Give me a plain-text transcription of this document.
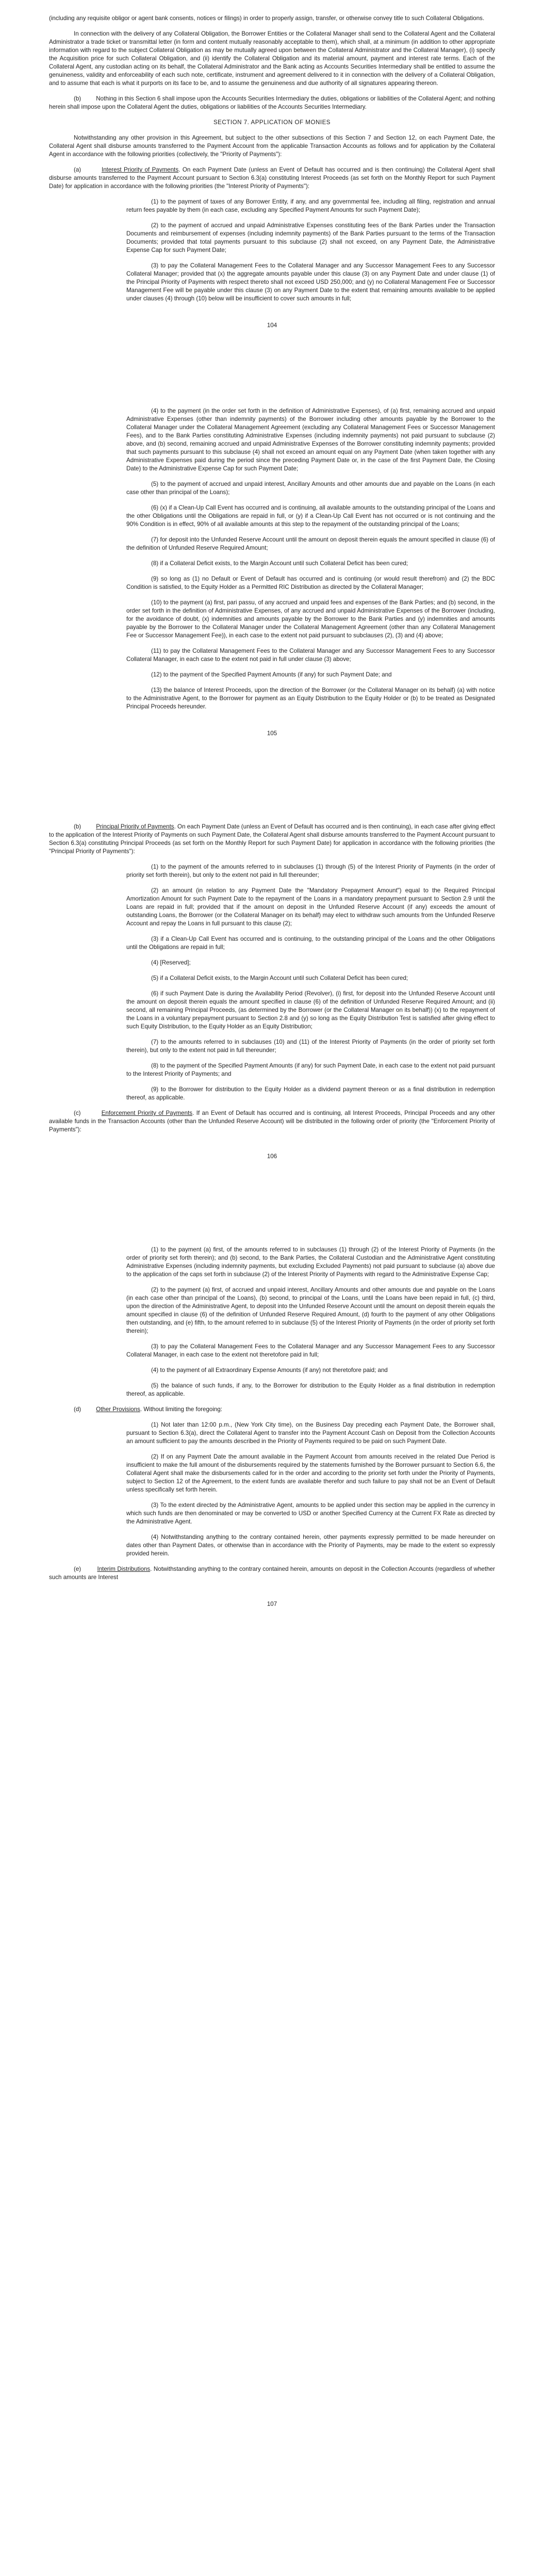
(including any requisite obligor or agent bank consents, notices or filings) in order to properly assign, transfer, or otherwise convey title to such Collateral Obligations.

In connection with the delivery of any Collateral Obligation, the Borrower Entities or the Collateral Manager shall send to the Collateral Agent and the Collateral Administrator a trade ticket or transmittal letter (in form and content mutually reasonably acceptable to them), which shall, at a minimum (in addition to other appropriate information with regard to the subject Collateral Obligation as may be mutually agreed upon between the Collateral Administrator and the Collateral Manager), (i) specify the Acquisition price for such Collateral Obligation, and (ii) identify the Collateral Obligation and its material amount, payment and interest rate terms. Each of the Collateral Agent, any custodian acting on its behalf, the Collateral Administrator and the Bank acting as Accounts Securities Intermediary shall be entitled to assume the genuineness, validity and enforceability of each such note, certificate, instrument and agreement delivered to it in connection with the delivery of a Collateral Obligation, and to assume that each is what it purports on its face to be, and to assume the genuineness and due authority of all signatures appearing thereon.

(b)	Nothing in this Section 6 shall impose upon the Accounts Securities Intermediary the duties, obligations or liabilities of the Collateral Agent; and nothing herein shall impose upon the Collateral Agent the duties, obligations or liabilities of the Accounts Securities Intermediary.

SECTION 7. APPLICATION OF MONIES

Notwithstanding any other provision in this Agreement, but subject to the other subsections of this Section 7 and Section 12, on each Payment Date, the Collateral Agent shall disburse amounts transferred to the Payment Account from the applicable Transaction Accounts as follows and for application by the Collateral Agent in accordance with the following priorities (collectively, the "Priority of Payments"):

(a)	Interest Priority of Payments. On each Payment Date (unless an Event of Default has occurred and is then continuing) the Collateral Agent shall disburse amounts transferred to the Payment Account pursuant to Section 6.3(a) constituting Interest Proceeds (as set forth on the Monthly Report for such Payment Date) for application in accordance with the following priorities (the "Interest Priority of Payments"):

(1) to the payment of taxes of any Borrower Entity, if any, and any governmental fee, including all filing, registration and annual return fees payable by them (in each case, excluding any Specified Payment Amounts for such Payment Date);

(2) to the payment of accrued and unpaid Administrative Expenses constituting fees of the Bank Parties under the Transaction Documents and reimbursement of expenses (including indemnity payments) of the Bank Parties pursuant to the terms of the Transaction Documents; provided that total payments pursuant to this subclause (2) shall not exceed, on any Payment Date, the Administrative Expense Cap for such Payment Date;

(3) to pay the Collateral Management Fees to the Collateral Manager and any Successor Management Fees to any Successor Collateral Manager; provided that (x) the aggregate amounts payable under this clause (3) on any Payment Date and under clause (1) of the Principal Priority of Payments with respect thereto shall not exceed USD 250,000; and (y) no Collateral Management Fee or Successor Management Fee will be payable under this clause (3) on any Payment Date to the extent that remaining amounts available to be applied under clauses (4) through (10) below will be insufficient to cover such amounts in full;

104

(4) to the payment (in the order set forth in the definition of Administrative Expenses), of (a) first, remaining accrued and unpaid Administrative Expenses (other than indemnity payments) of the Borrower including other amounts payable by the Borrower to the Collateral Manager under the Collateral Management Agreement (excluding any Collateral Management Fees or Successor Management Fees), and to the Bank Parties constituting Administrative Expenses (including indemnity payments) not paid pursuant to subclause (2) above, and (b) second, remaining accrued and unpaid Administrative Expenses of the Borrower constituting indemnity payments; provided that such payments pursuant to this subclause (4) shall not exceed an amount equal on any Payment Date (when taken together with any Administrative Expenses paid during the period since the preceding Payment Date or, in the case of the first Payment Date, the Closing Date) to the Administrative Expense Cap for such Payment Date;

(5) to the payment of accrued and unpaid interest, Ancillary Amounts and other amounts due and payable on the Loans (in each case other than principal of the Loans);

(6) (x) if a Clean-Up Call Event has occurred and is continuing, all available amounts to the outstanding principal of the Loans and the other Obligations until the Obligations are repaid in full, or (y) if a Clean-Up Call Event has not occurred or is not continuing and the 90% Condition is in effect, 90% of all available amounts at this step to the repayment of the outstanding principal of the Loans;

(7) for deposit into the Unfunded Reserve Account until the amount on deposit therein equals the amount specified in clause (6) of the definition of Unfunded Reserve Required Amount;

(8) if a Collateral Deficit exists, to the Margin Account until such Collateral Deficit has been cured;

(9) so long as (1) no Default or Event of Default has occurred and is continuing (or would result therefrom) and (2) the BDC Condition is satisfied, to the Equity Holder as a Permitted RIC Distribution as directed by the Collateral Manager;

(10) to the payment (a) first, pari passu, of any accrued and unpaid fees and expenses of the Bank Parties; and (b) second, in the order set forth in the definition of Administrative Expenses, of any accrued and unpaid Administrative Expenses of the Borrower (including, for the avoidance of doubt, (x) indemnities and amounts payable by the Borrower to the Bank Parties and (y) indemnities and amounts payable by the Borrower to the Collateral Manager under the Collateral Management Agreement (other than any Collateral Management Fee or Successor Management Fee)), in each case to the extent not paid pursuant to subclauses (2), (3) and (4) above;

(11) to pay the Collateral Management Fees to the Collateral Manager and any Successor Management Fees to any Successor Collateral Manager, in each case to the extent not paid in full under clause (3) above;

(12) to the payment of the Specified Payment Amounts (if any) for such Payment Date; and

(13) the balance of Interest Proceeds, upon the direction of the Borrower (or the Collateral Manager on its behalf) (a) with notice to the Administrative Agent, to the Borrower for payment as an Equity Distribution to the Equity Holder or (b) to be treated as Designated Principal Proceeds hereunder.

105

(b)	Principal Priority of Payments. On each Payment Date (unless an Event of Default has occurred and is then continuing), in each case after giving effect to the application of the Interest Priority of Payments on such Payment Date, the Collateral Agent shall disburse amounts transferred to the Payment Account pursuant to Section 6.3(a) constituting Principal Proceeds (as set forth on the Monthly Report for such Payment Date) for application in accordance with the following priorities (the "Principal Priority of Payments"):

(1) to the payment of the amounts referred to in subclauses (1) through (5) of the Interest Priority of Payments (in the order of priority set forth therein), but only to the extent not paid in full thereunder;

(2) an amount (in relation to any Payment Date the "Mandatory Prepayment Amount") equal to the Required Principal Amortization Amount for such Payment Date to the repayment of the Loans in a mandatory prepayment pursuant to Section 2.9 until the Loans are repaid in full; provided that if the amount on deposit in the Unfunded Reserve Account (if any) exceeds the amount of outstanding Loans, the Borrower (or the Collateral Manager on its behalf) may elect to withdraw such amounts from the Unfunded Reserve Account and repay the Loans in full pursuant to this clause (2);

(3) if a Clean-Up Call Event has occurred and is continuing, to the outstanding principal of the Loans and the other Obligations until the Obligations are repaid in full;

(4) [Reserved];

(5) if a Collateral Deficit exists, to the Margin Account until such Collateral Deficit has been cured;

(6) if such Payment Date is during the Availability Period (Revolver), (i) first, for deposit into the Unfunded Reserve Account until the amount on deposit therein equals the amount specified in clause (6) of the definition of Unfunded Reserve Required Amount; and (ii) second, all remaining Principal Proceeds, (as determined by the Borrower (or the Collateral Manager on its behalf)) (x) to the repayment of the Loans in a voluntary prepayment pursuant to Section 2.8 and (y) so long as the Equity Distribution Test is satisfied after giving effect to such Equity Distribution, to the Equity Holder as an Equity Distribution;

(7) to the amounts referred to in subclauses (10) and (11) of the Interest Priority of Payments (in the order of priority set forth therein), but only to the extent not paid in full thereunder;

(8) to the payment of the Specified Payment Amounts (if any) for such Payment Date, in each case to the extent not paid pursuant to the Interest Priority of Payments; and

(9) to the Borrower for distribution to the Equity Holder as a dividend payment thereon or as a final distribution in redemption thereof, as applicable.

(c)	Enforcement Priority of Payments. If an Event of Default has occurred and is continuing, all Interest Proceeds, Principal Proceeds and any other available funds in the Transaction Accounts (other than the Unfunded Reserve Account) will be distributed in the following order of priority (the "Enforcement Priority of Payments"):

106

(1) to the payment (a) first, of the amounts referred to in subclauses (1) through (2) of the Interest Priority of Payments (in the order of priority set forth therein); and (b) second, to the Bank Parties, the Collateral Custodian and the Administrative Agent constituting Administrative Expenses (including indemnity payments, but excluding Excluded Payments) not paid pursuant to subclause (a) above due to the application of the caps set forth in subclause (2) of the Interest Priority of Payments with regard to the Administrative Expense Cap;

(2) to the payment (a) first, of accrued and unpaid interest, Ancillary Amounts and other amounts due and payable on the Loans (in each case other than principal of the Loans), (b) second, to principal of the Loans, until the Loans have been repaid in full, (c) third, upon the direction of the Administrative Agent, to deposit into the Unfunded Reserve Account until the amount on deposit therein equals the amount specified in clause (6) of the definition of Unfunded Reserve Required Amount, (d) fourth to the payment of any other Obligations then outstanding, and (e) fifth, to the amount referred to in subclause (5) of the Interest Priority of Payments (in the order of priority set forth therein);

(3) to pay the Collateral Management Fees to the Collateral Manager and any Successor Management Fees to any Successor Collateral Manager, in each case to the extent not theretofore paid in full;

(4) to the payment of all Extraordinary Expense Amounts (if any) not theretofore paid; and

(5) the balance of such funds, if any, to the Borrower for distribution to the Equity Holder as a final distribution in redemption thereof, as applicable.

(d)	Other Provisions. Without limiting the foregoing:

(1) Not later than 12:00 p.m., (New York City time), on the Business Day preceding each Payment Date, the Borrower shall, pursuant to Section 6.3(a), direct the Collateral Agent to transfer into the Payment Account Cash on Deposit from the Collection Accounts an amount sufficient to pay the amounts described in the Priority of Payments required to be paid on such Payment Date.

(2) If on any Payment Date the amount available in the Payment Account from amounts received in the related Due Period is insufficient to make the full amount of the disbursements required by the statements furnished by the Borrower pursuant to Section 6.6, the Collateral Agent shall make the disbursements called for in the order and according to the priority set forth under the Priority of Payments, subject to Section 12 of the Agreement, to the extent funds are available therefor and such failure to pay shall not be an Event of Default unless specifically set forth herein.

(3) To the extent directed by the Administrative Agent, amounts to be applied under this section may be applied in the currency in which such funds are then denominated or may be converted to USD or another Specified Currency at the Current FX Rate as directed by the Administrative Agent.

(4) Notwithstanding anything to the contrary contained herein, other payments expressly permitted to be made hereunder on dates other than Payment Dates, or otherwise than in accordance with the Priority of Payments, may be made to the extent so expressly provided herein.

(e)	Interim Distributions. Notwithstanding anything to the contrary contained herein, amounts on deposit in the Collection Accounts (regardless of whether such amounts are Interest

107
